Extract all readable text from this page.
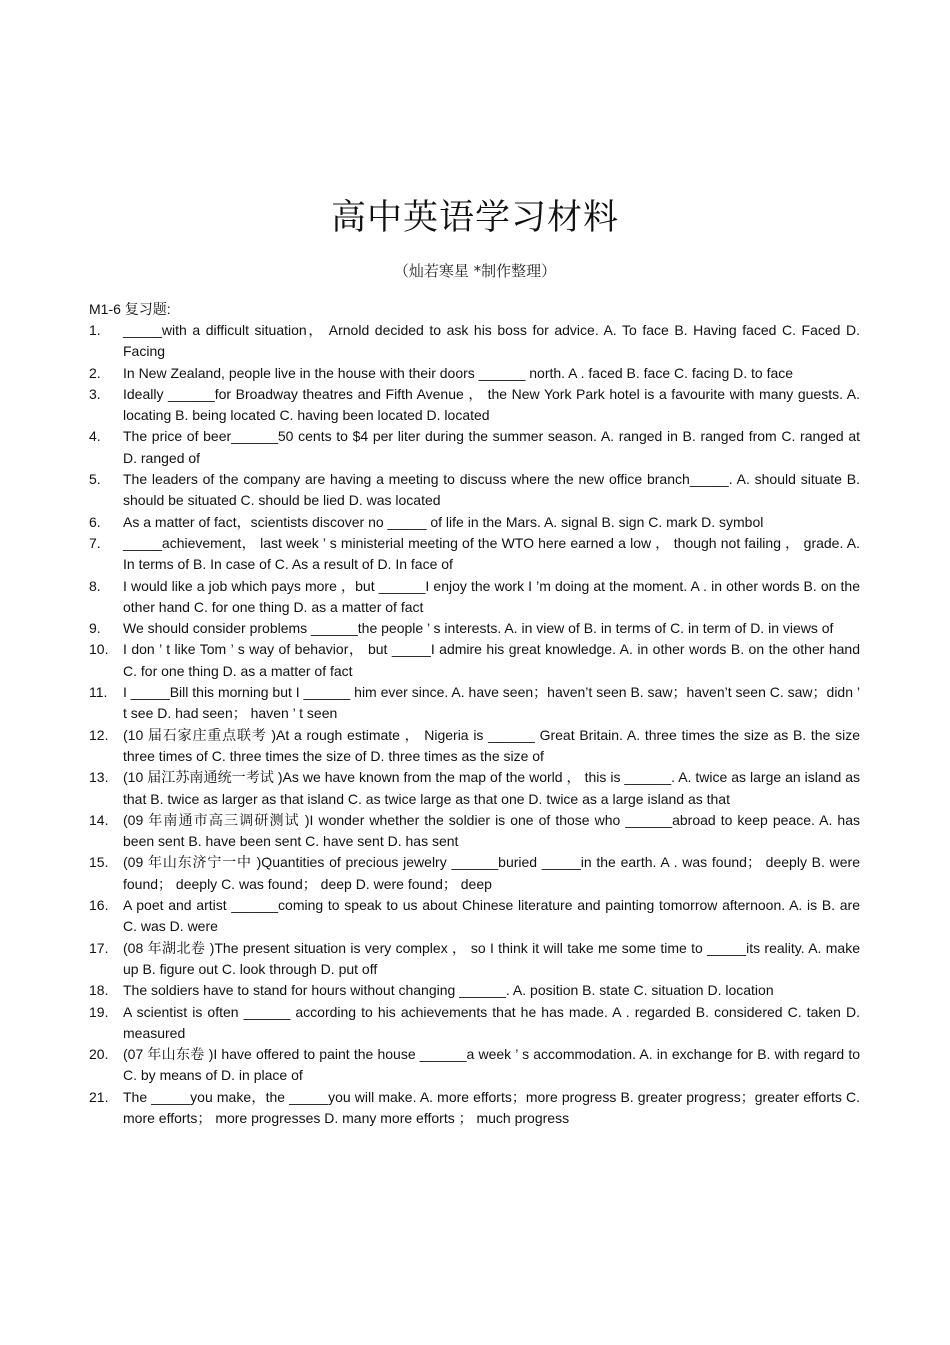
高中英语学习材料
（灿若寒星 *制作整理）
M1-6 复习题:
1.	_____with a difficult situation， Arnold decided to ask his boss for advice. A. To face B. Having faced C. Faced D. Facing
2.	In New Zealand, people live in the house with their doors ______ north. A . faced B. face C. facing D. to face
3.	Ideally ______for Broadway theatres and Fifth Avenue ， the New York Park hotel is a favourite with many guests. A. locating B. being located C. having been located D. located
4.	The price of beer______50 cents to $4 per liter during the summer season. A. ranged in B. ranged from C. ranged at D. ranged of
5.	The leaders of the company are having a meeting to discuss where the new office branch_____. A. should situate B. should be situated C. should be lied D. was located
6.	As a matter of fact，scientists discover no _____ of life in the Mars. A. signal B. sign C. mark D. symbol
7.	_____achievement， last week ’ s ministerial meeting of the WTO here earned a low ， though not failing ， grade. A. In terms of B. In case of C. As a result of D. In face of
8.	I would like a job which pays more ，but ______I enjoy the work I ’m doing at the moment. A . in other words B. on the other hand C. for one thing D. as a matter of fact
9.	We should consider problems ______the people ’ s interests. A. in view of B. in terms of C. in term of D. in views of
10.	I don ’ t like Tom ’ s way of behavior， but _____I admire his great knowledge. A. in other words B. on the other hand C. for one thing D. as a matter of fact
11.	I _____Bill this morning but I ______ him ever since. A. have seen；haven’t seen B. saw；haven’t seen C. saw；didn ’ t see D. had seen； haven ’ t seen
12.	(10 届石家庄重点联考 )At a rough estimate ， Nigeria is ______ Great Britain. A. three times the size as B. the size three times of C. three times the size of D. three times as the size of
13.	(10 届江苏南通统一考试 )As we have known from the map of the world ， this is ______. A. twice as large an island as that B. twice as larger as that island C. as twice large as that one D. twice as a large island as that
14.	(09 年南通市高三调研测试 )I wonder whether the soldier is one of those who ______abroad to keep peace. A. has been sent B. have been sent C. have sent D. has sent
15.	(09 年山东济宁一中 )Quantities of precious jewelry ______buried _____in the earth. A . was found； deeply B. were found； deeply C. was found； deep D. were found； deep
16.	A poet and artist ______coming to speak to us about Chinese literature and painting tomorrow afternoon. A. is B. are C. was D. were
17.	(08 年湖北卷 )The present situation is very complex ， so I think it will take me some time to _____its reality. A. make up B. figure out C. look through D. put off
18.	The soldiers have to stand for hours without changing ______. A. position B. state C. situation D. location
19.	A scientist is often ______ according to his achievements that he has made. A . regarded B. considered C. taken D. measured
20.	(07 年山东卷 )I have offered to paint the house ______a week ’ s accommodation. A. in exchange for B. with regard to C. by means of D. in place of
21.	The _____you make，the _____you will make. A. more efforts；more progress B. greater progress；greater efforts C. more efforts； more progresses D. many more efforts ； much progress
